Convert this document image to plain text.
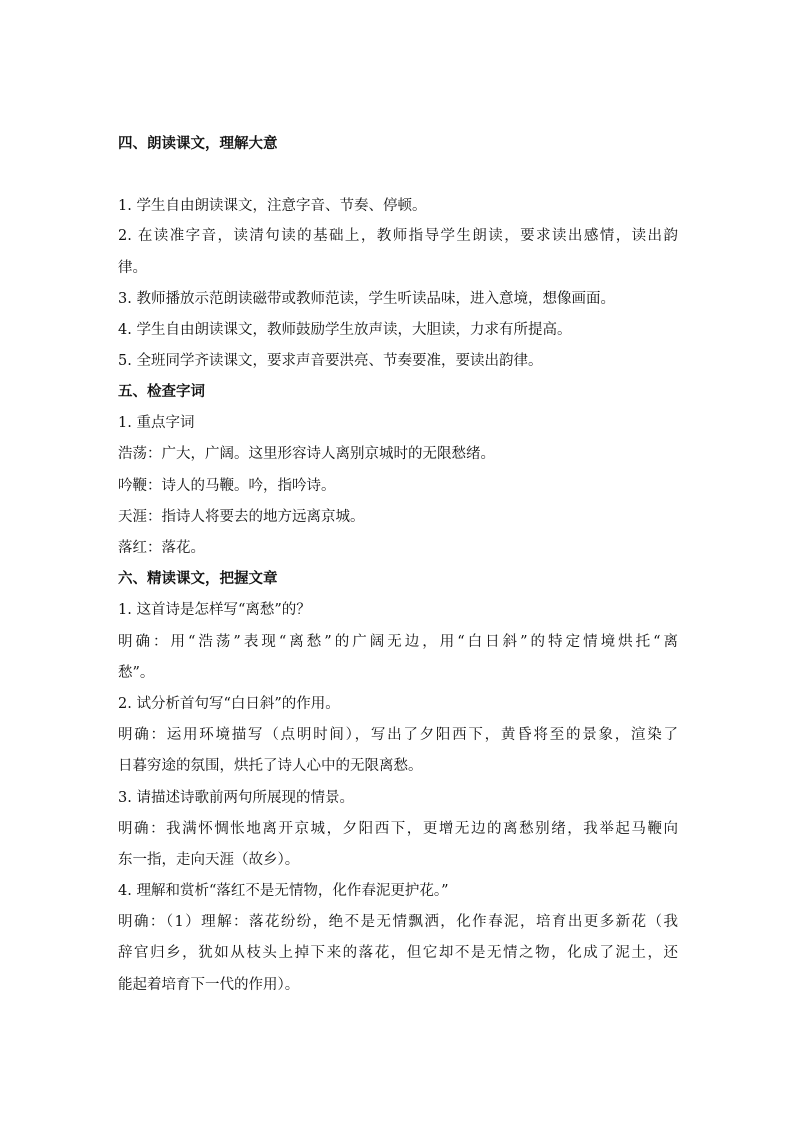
四、朗读课文，理解大意
1. 学生自由朗读课文，注意字音、节奏、停顿。
2. 在读准字音，读清句读的基础上，教师指导学生朗读，要求读出感情，读出韵
律。
3. 教师播放示范朗读磁带或教师范读，学生听读品味，进入意境，想像画面。
4. 学生自由朗读课文，教师鼓励学生放声读，大胆读，力求有所提高。
5. 全班同学齐读课文，要求声音要洪亮、节奏要准，要读出韵律。
五、检查字词
1. 重点字词
浩荡：广大，广阔。这里形容诗人离别京城时的无限愁绪。
吟鞭：诗人的马鞭。吟，指吟诗。
天涯：指诗人将要去的地方远离京城。
落红：落花。
六、精读课文，把握文章
1. 这首诗是怎样写“离愁”的？
明确：用“浩荡”表现“离愁”的广阔无边，用“白日斜”的特定情境烘托“离
愁”。
2. 试分析首句写“白日斜”的作用。
明确：运用环境描写（点明时间），写出了夕阳西下，黄昏将至的景象，渲染了
日暮穷途的氛围，烘托了诗人心中的无限离愁。
3. 请描述诗歌前两句所展现的情景。
明确：我满怀惆怅地离开京城，夕阳西下，更增无边的离愁别绪，我举起马鞭向
东一指，走向天涯（故乡）。
4. 理解和赏析“落红不是无情物，化作春泥更护花。”
明确：（1）理解：落花纷纷，绝不是无情飘洒，化作春泥，培育出更多新花（我
辞官归乡，犹如从枝头上掉下来的落花，但它却不是无情之物，化成了泥土，还
能起着培育下一代的作用）。
